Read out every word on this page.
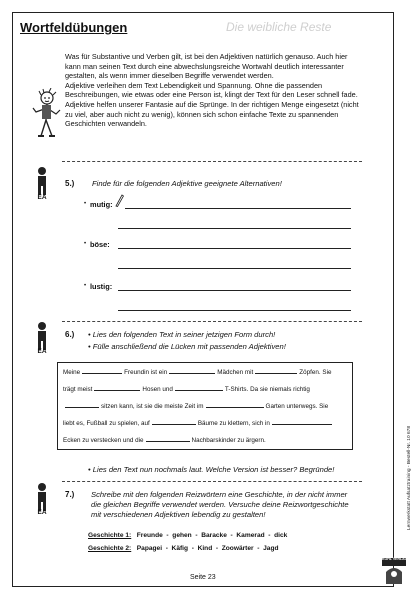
Wortfeldübungen	Die weibliche Reste

Was für Substantive und Verben gilt, ist bei den Adjektiven natürlich genauso. Auch hier kann man seinen Text durch eine abwechslungsreiche Wortwahl deutlich interessanter gestalten, als wenn immer dieselben Begriffe verwendet werden.

Adjektive verleihen dem Text Lebendigkeit und Spannung. Ohne die passenden Beschreibungen, wie etwas oder eine Person ist, klingt der Text für den Leser schnell fade. Adjektive helfen unserer Fantasie auf die Sprünge. In der richtigen Menge eingesetzt (nicht zu viel, aber auch nicht zu wenig), können sich schon einfache Texte zu spannenden Geschichten verwandeln.

EA
5.) Finde für die folgenden Adjektive geeignete Alternativen!
• mutig:
• böse:
• lustig:
EA
6.) • Lies den folgenden Text in seiner jetzigen Form durch!
• Fülle anschließend die Lücken mit passenden Adjektiven!
Meine	Freundin ist ein	Mädchen mit	Zöpfen. Sie
trägt meist	Hosen und	T-Shirts. Da sie niemals richtig
sitzen kann, ist sie die meiste Zeit im	Garten unterwegs. Sie
liebt es, Fußball zu spielen, auf	Bäume zu klettern, sich in
Ecken zu verstecken und die	Nachbarskinder zu ärgern.
• Lies den Text nun nochmals laut. Welche Version ist besser? Begründe!
EA
7.) Schreibe mit den folgenden Reizwörtern eine Geschichte, in der nicht immer die gleichen Begriffe verwendet werden. Versuche deine Reizwortgeschichte mit verschiedenen Adjektiven lebendig zu gestalten!
Geschichte 1: Freunde  -  gehen  -  Baracke  -  Kamerad  -  dick
Geschichte 2: Papagei  -  Käfig  -  Kind  -  Zoowärter  -  Jagd
Seite 23
Lernwerkstatt Aufsatztraining - Bestell-Nr. 10 678
KOHL VERLAG
